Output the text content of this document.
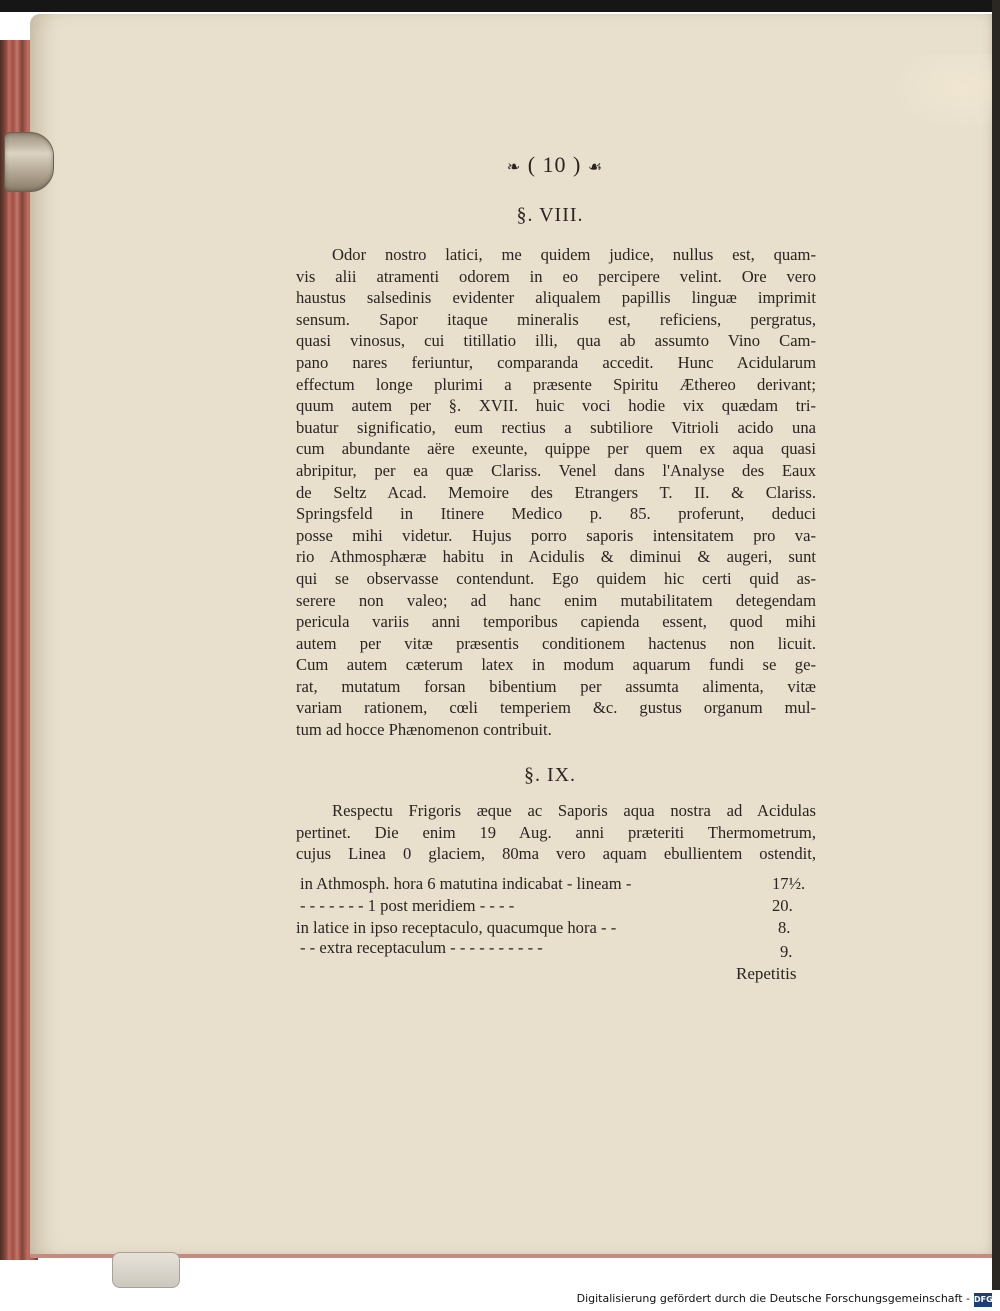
❧ ( 10 ) ☙
§. VIII.
Odor nostro latici, me quidem judice, nullus est, quam-
vis alii atramenti odorem in eo percipere velint. Ore vero
haustus salsedinis evidenter aliqualem papillis linguæ imprimit
sensum. Sapor itaque mineralis est, reficiens, pergratus,
quasi vinosus, cui titillatio illi, qua ab assumto Vino Cam-
pano nares feriuntur, comparanda accedit. Hunc Acidularum
effectum longe plurimi a præsente Spiritu Æthereo derivant;
quum autem per §. XVII. huic voci hodie vix quædam tri-
buatur significatio, eum rectius a subtiliore Vitrioli acido una
cum abundante aëre exeunte, quippe per quem ex aqua quasi
abripitur, per ea quæ Clariss. Venel dans l'Analyse des Eaux
de Seltz Acad. Memoire des Etrangers T. II. & Clariss.
Springsfeld in Itinere Medico p. 85. proferunt, deduci
posse mihi videtur. Hujus porro saporis intensitatem pro va-
rio Athmosphæræ habitu in Acidulis & diminui & augeri, sunt
qui se observasse contendunt. Ego quidem hic certi quid as-
serere non valeo; ad hanc enim mutabilitatem detegendam
pericula variis anni temporibus capienda essent, quod mihi
autem per vitæ præsentis conditionem hactenus non licuit.
Cum autem cæterum latex in modum aquarum fundi se ge-
rat, mutatum forsan bibentium per assumta alimenta, vitæ
variam rationem, cœli temperiem &c. gustus organum mul-
tum ad hocce Phænomenon contribuit.
§. IX.
Respectu Frigoris æque ac Saporis aqua nostra ad Acidulas
pertinet. Die enim 19 Aug. anni præteriti Thermometrum,
cujus Linea 0 glaciem, 80ma vero aquam ebullientem ostendit,
in Athmosph. hora 6 matutina indicabat - lineam -	17½.
- - - - - - - 1 post meridiem - - - -	20.
in latice in ipso receptaculo, quacumque hora - -	8.
- - extra receptaculum - - - - - - - - - -	9.
Repetitis
Digitalisierung gefördert durch die Deutsche Forschungsgemeinschaft - DFG
